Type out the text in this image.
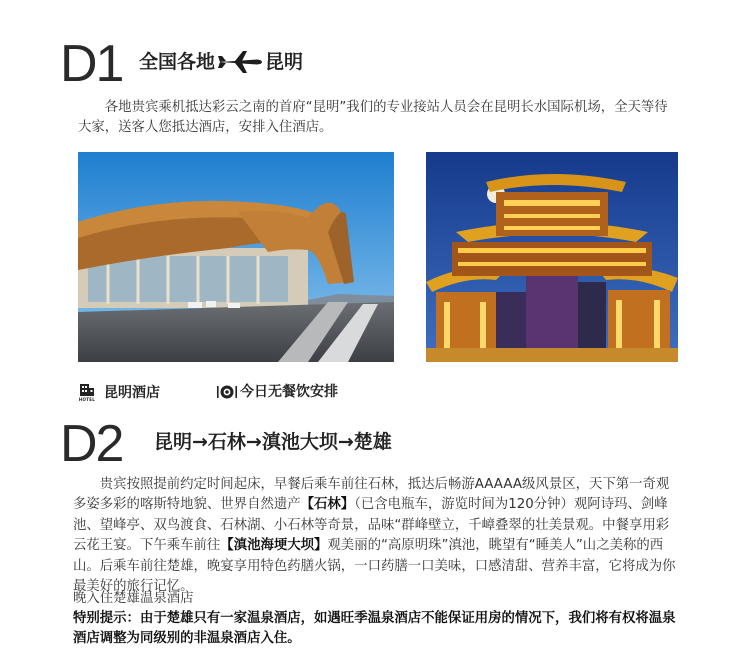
D1 全国各地	昆明

各地贵宾乘机抵达彩云之南的首府“昆明”我们的专业接站人员会在昆明长水国际机场，全天等待大家，送客人您抵达酒店，安排入住酒店。

HOTEL 昆明酒店	今日无餐饮安排
D2 昆明→石林→滇池大坝→楚雄

贵宾按照提前约定时间起床，早餐后乘车前往石林，抵达后畅游AAAAA级风景区，天下第一奇观多姿多彩的喀斯特地貌、世界自然遗产【石林】（已含电瓶车，游览时间为120分钟）观阿诗玛、剑峰池、望峰亭、双鸟渡食、石林湖、小石林等奇景，品味“群峰壁立，千嶂叠翠的壮美景观。中餐享用彩云花王宴。下午乘车前往【滇池海埂大坝】观美丽的“高原明珠”滇池，眺望有“睡美人”山之美称的西山。后乘车前往楚雄，晚宴享用特色药膳火锅，一口药膳一口美味，口感清甜、营养丰富，它将成为你最美好的旅行记忆。

晚入住楚雄温泉酒店
特别提示：由于楚雄只有一家温泉酒店，如遇旺季温泉酒店不能保证用房的情况下，我们将有权将温泉酒店调整为同级别的非温泉酒店入住。
